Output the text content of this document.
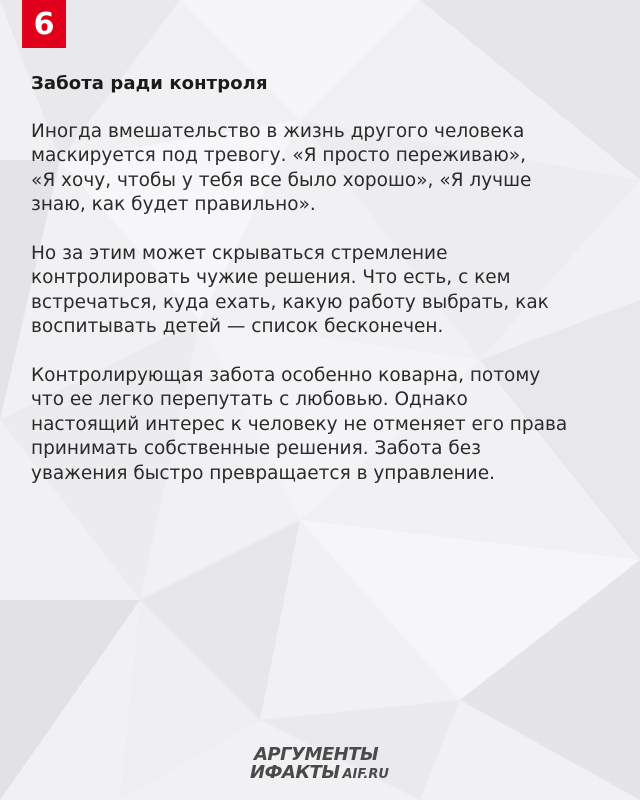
6
Забота ради контроля

Иногда вмешательство в жизнь другого человека
маскируется под тревогу. «Я просто переживаю»,
«Я хочу, чтобы у тебя все было хорошо», «Я лучше
знаю, как будет правильно».

Но за этим может скрываться стремление
контролировать чужие решения. Что есть, с кем
встречаться, куда ехать, какую работу выбрать, как
воспитывать детей — список бесконечен.

Контролирующая забота особенно коварна, потому
что ее легко перепутать с любовью. Однако
настоящий интерес к человеку не отменяет его права
принимать собственные решения. Забота без
уважения быстро превращается в управление.

АРГУМЕНТЫ
ИФАКТЫ AIF.RU
